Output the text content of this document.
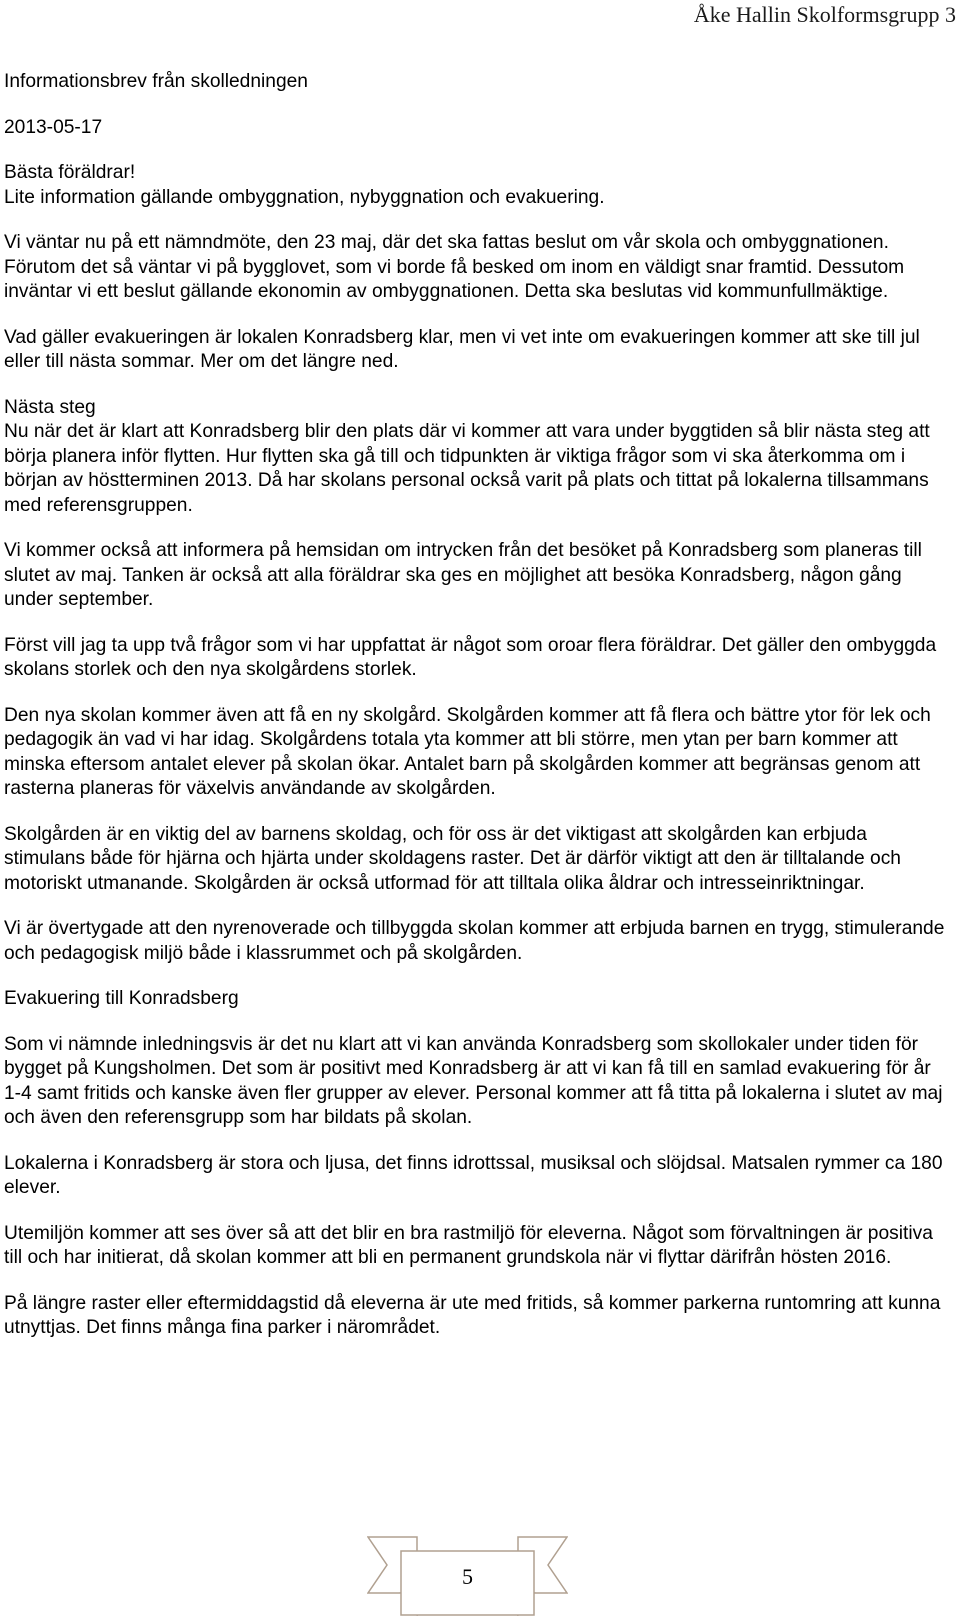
Åke Hallin Skolformsgrupp 3

Informationsbrev från skolledningen

2013-05-17

Bästa föräldrar!
Lite information gällande ombyggnation, nybyggnation och evakuering.

Vi väntar nu på ett nämndmöte, den 23 maj, där det ska fattas beslut om vår skola och ombyggnationen. Förutom det så väntar vi på bygglovet, som vi borde få besked om inom en väldigt snar framtid. Dessutom inväntar vi ett beslut gällande ekonomin av ombyggnationen. Detta ska beslutas vid kommunfullmäktige.

Vad gäller evakueringen är lokalen Konradsberg klar, men vi vet inte om evakueringen kommer att ske till jul eller till nästa sommar. Mer om det längre ned.

Nästa steg
Nu när det är klart att Konradsberg blir den plats där vi kommer att vara under byggtiden så blir nästa steg att börja planera inför flytten. Hur flytten ska gå till och tidpunkten är viktiga frågor som vi ska återkomma om i början av höstterminen 2013. Då har skolans personal också varit på plats och tittat på lokalerna tillsammans med referensgruppen.

Vi kommer också att informera på hemsidan om intrycken från det besöket på Konradsberg som planeras till slutet av maj. Tanken är också att alla föräldrar ska ges en möjlighet att besöka Konradsberg, någon gång under september.

Först vill jag ta upp två frågor som vi har uppfattat är något som oroar flera föräldrar. Det gäller den ombyggda skolans storlek och den nya skolgårdens storlek.

Den nya skolan kommer även att få en ny skolgård. Skolgården kommer att få flera och bättre ytor för lek och pedagogik än vad vi har idag. Skolgårdens totala yta kommer att bli större, men ytan per barn kommer att minska eftersom antalet elever på skolan ökar. Antalet barn på skolgården kommer att begränsas genom att rasterna planeras för växelvis användande av skolgården.

Skolgården är en viktig del av barnens skoldag, och för oss är det viktigast att skolgården kan erbjuda stimulans både för hjärna och hjärta under skoldagens raster. Det är därför viktigt att den är tilltalande och motoriskt utmanande. Skolgården är också utformad för att tilltala olika åldrar och intresseinriktningar.

Vi är övertygade att den nyrenoverade och tillbyggda skolan kommer att erbjuda barnen en trygg, stimulerande och pedagogisk miljö både i klassrummet och på skolgården.

Evakuering till Konradsberg

Som vi nämnde inledningsvis är det nu klart att vi kan använda Konradsberg som skollokaler under tiden för bygget på Kungsholmen. Det som är positivt med Konradsberg är att vi kan få till en samlad evakuering för år 1-4 samt fritids och kanske även fler grupper av elever. Personal kommer att få titta på lokalerna i slutet av maj och även den referensgrupp som har bildats på skolan.

Lokalerna i Konradsberg är stora och ljusa, det finns idrottssal, musiksal och slöjdsal. Matsalen rymmer ca 180 elever.

Utemiljön kommer att ses över så att det blir en bra rastmiljö för eleverna. Något som förvaltningen är positiva till och har initierat, då skolan kommer att bli en permanent grundskola när vi flyttar därifrån hösten 2016.

På längre raster eller eftermiddagstid då eleverna är ute med fritids, så kommer parkerna runtomring att kunna utnyttjas. Det finns många fina parker i närområdet.

5
